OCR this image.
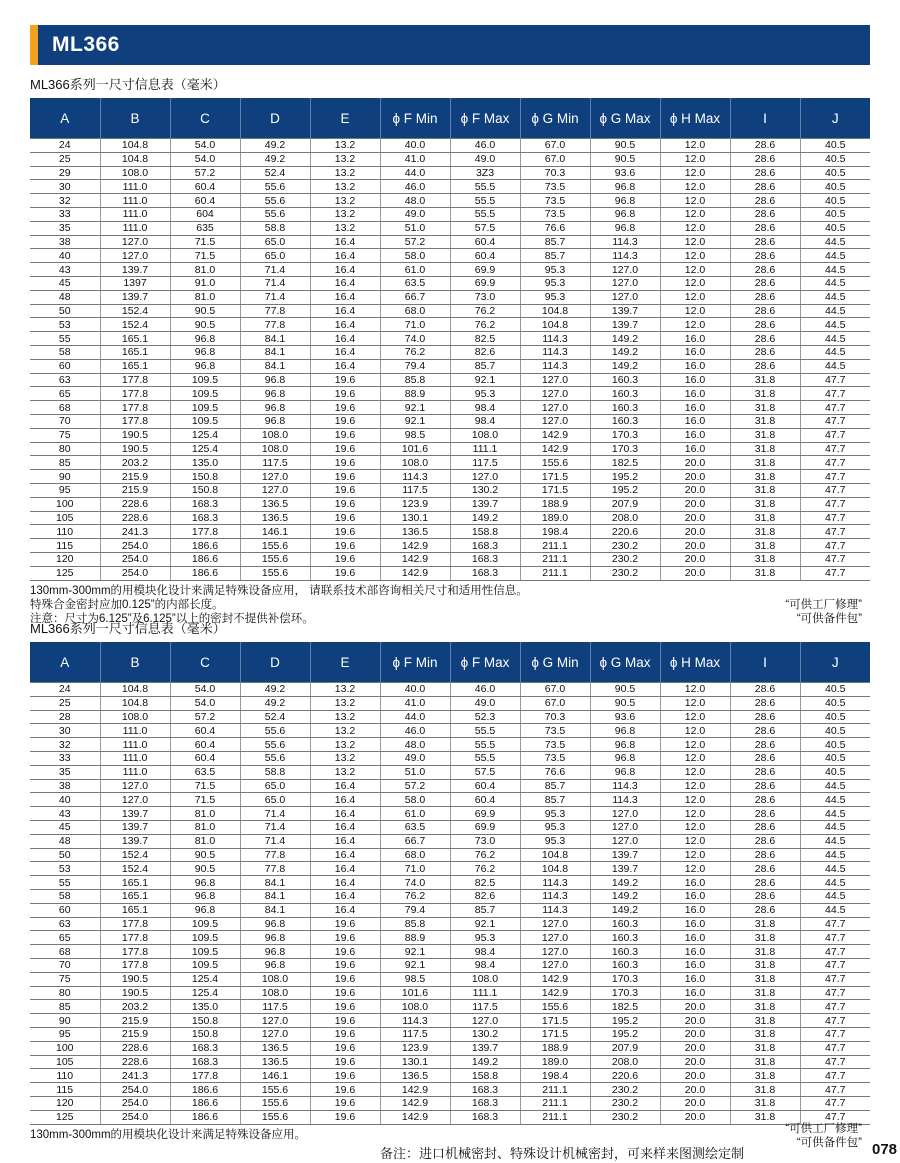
ML366
ML366系列一尺寸信息表（毫米）
A	B	C	D	E	ϕ F Min	ϕ F Max	ϕ G Min	ϕ G Max	ϕ H Max	I	J
24	104.8	54.0	49.2	13.2	40.0	46.0	67.0	90.5	12.0	28.6	40.5
25	104.8	54.0	49.2	13.2	41.0	49.0	67.0	90.5	12.0	28.6	40.5
29	108.0	57.2	52.4	13.2	44.0	3Z3	70.3	93.6	12.0	28.6	40.5
30	111.0	60.4	55.6	13.2	46.0	55.5	73.5	96.8	12.0	28.6	40.5
32	111.0	60.4	55.6	13.2	48.0	55.5	73.5	96.8	12.0	28.6	40.5
33	111.0	604	55.6	13.2	49.0	55.5	73.5	96.8	12.0	28.6	40.5
35	111.0	635	58.8	13.2	51.0	57.5	76.6	96.8	12.0	28.6	40.5
38	127.0	71.5	65.0	16.4	57.2	60.4	85.7	114.3	12.0	28.6	44.5
40	127.0	71.5	65.0	16.4	58.0	60.4	85.7	114.3	12.0	28.6	44.5
43	139.7	81.0	71.4	16.4	61.0	69.9	95.3	127.0	12.0	28.6	44.5
45	1397	91.0	71.4	16.4	63.5	69.9	95.3	127.0	12.0	28.6	44.5
48	139.7	81.0	71.4	16.4	66.7	73.0	95.3	127.0	12.0	28.6	44.5
50	152.4	90.5	77.8	16.4	68.0	76.2	104.8	139.7	12.0	28.6	44.5
53	152.4	90.5	77.8	16.4	71.0	76.2	104.8	139.7	12.0	28.6	44.5
55	165.1	96.8	84.1	16.4	74.0	82.5	114.3	149.2	16.0	28.6	44.5
58	165.1	96.8	84.1	16.4	76.2	82.6	114.3	149.2	16.0	28.6	44.5
60	165.1	96.8	84.1	16.4	79.4	85.7	114.3	149.2	16.0	28.6	44.5
63	177.8	109.5	96.8	19.6	85.8	92.1	127.0	160.3	16.0	31.8	47.7
65	177.8	109.5	96.8	19.6	88.9	95.3	127.0	160.3	16.0	31.8	47.7
68	177.8	109.5	96.8	19.6	92.1	98.4	127.0	160.3	16.0	31.8	47.7
70	177.8	109.5	96.8	19.6	92.1	98.4	127.0	160.3	16.0	31.8	47.7
75	190.5	125.4	108.0	19.6	98.5	108.0	142.9	170.3	16.0	31.8	47.7
80	190.5	125.4	108.0	19.6	101.6	111.1	142.9	170.3	16.0	31.8	47.7
85	203.2	135.0	117.5	19.6	108.0	117.5	155.6	182.5	20.0	31.8	47.7
90	215.9	150.8	127.0	19.6	114.3	127.0	171.5	195.2	20.0	31.8	47.7
95	215.9	150.8	127.0	19.6	117.5	130.2	171.5	195.2	20.0	31.8	47.7
100	228.6	168.3	136.5	19.6	123.9	139.7	188.9	207.9	20.0	31.8	47.7
105	228.6	168.3	136.5	19.6	130.1	149.2	189.0	208.0	20.0	31.8	47.7
110	241.3	177.8	146.1	19.6	136.5	158.8	198.4	220.6	20.0	31.8	47.7
115	254.0	186.6	155.6	19.6	142.9	168.3	211.1	230.2	20.0	31.8	47.7
120	254.0	186.6	155.6	19.6	142.9	168.3	211.1	230.2	20.0	31.8	47.7
125	254.0	186.6	155.6	19.6	142.9	168.3	211.1	230.2	20.0	31.8	47.7
130mm-300mm的用模块化设计来满足特殊设备应用， 请联系技术部咨询相关尺寸和适用性信息。
特殊合金密封应加0.125”的内部长度。
注意：尺寸为6.125”及6.125”以上的密封不提供补偿环。
“可供工厂修理”
“可供备件包”
ML366系列一尺寸信息表（毫米）
A	B	C	D	E	ϕ F Min	ϕ F Max	ϕ G Min	ϕ G Max	ϕ H Max	I	J
24	104.8	54.0	49.2	13.2	40.0	46.0	67.0	90.5	12.0	28.6	40.5
25	104.8	54.0	49.2	13.2	41.0	49.0	67.0	90.5	12.0	28.6	40.5
28	108.0	57.2	52.4	13.2	44.0	52.3	70.3	93.6	12.0	28.6	40.5
30	111.0	60.4	55.6	13.2	46.0	55.5	73.5	96.8	12.0	28.6	40.5
32	111.0	60.4	55.6	13.2	48.0	55.5	73.5	96.8	12.0	28.6	40.5
33	111.0	60.4	55.6	13.2	49.0	55.5	73.5	96.8	12.0	28.6	40.5
35	111.0	63.5	58.8	13.2	51.0	57.5	76.6	96.8	12.0	28.6	40.5
38	127.0	71.5	65.0	16.4	57.2	60.4	85.7	114.3	12.0	28.6	44.5
40	127.0	71.5	65.0	16.4	58.0	60.4	85.7	114.3	12.0	28.6	44.5
43	139.7	81.0	71.4	16.4	61.0	69.9	95.3	127.0	12.0	28.6	44.5
45	139.7	81.0	71.4	16.4	63.5	69.9	95.3	127.0	12.0	28.6	44.5
48	139.7	81.0	71.4	16.4	66.7	73.0	95.3	127.0	12.0	28.6	44.5
50	152.4	90.5	77.8	16.4	68.0	76.2	104.8	139.7	12.0	28.6	44.5
53	152.4	90.5	77.8	16.4	71.0	76.2	104.8	139.7	12.0	28.6	44.5
55	165.1	96.8	84.1	16.4	74.0	82.5	114.3	149.2	16.0	28.6	44.5
58	165.1	96.8	84.1	16.4	76.2	82.6	114.3	149.2	16.0	28.6	44.5
60	165.1	96.8	84.1	16.4	79.4	85.7	114.3	149.2	16.0	28.6	44.5
63	177.8	109.5	96.8	19.6	85.8	92.1	127.0	160.3	16.0	31.8	47.7
65	177.8	109.5	96.8	19.6	88.9	95.3	127.0	160.3	16.0	31.8	47.7
68	177.8	109.5	96.8	19.6	92.1	98.4	127.0	160.3	16.0	31.8	47.7
70	177.8	109.5	96.8	19.6	92.1	98.4	127.0	160.3	16.0	31.8	47.7
75	190.5	125.4	108.0	19.6	98.5	108.0	142.9	170.3	16.0	31.8	47.7
80	190.5	125.4	108.0	19.6	101.6	111.1	142.9	170.3	16.0	31.8	47.7
85	203.2	135.0	117.5	19.6	108.0	117.5	155.6	182.5	20.0	31.8	47.7
90	215.9	150.8	127.0	19.6	114.3	127.0	171.5	195.2	20.0	31.8	47.7
95	215.9	150.8	127.0	19.6	117.5	130.2	171.5	195.2	20.0	31.8	47.7
100	228.6	168.3	136.5	19.6	123.9	139.7	188.9	207.9	20.0	31.8	47.7
105	228.6	168.3	136.5	19.6	130.1	149.2	189.0	208.0	20.0	31.8	47.7
110	241.3	177.8	146.1	19.6	136.5	158.8	198.4	220.6	20.0	31.8	47.7
115	254.0	186.6	155.6	19.6	142.9	168.3	211.1	230.2	20.0	31.8	47.7
120	254.0	186.6	155.6	19.6	142.9	168.3	211.1	230.2	20.0	31.8	47.7
125	254.0	186.6	155.6	19.6	142.9	168.3	211.1	230.2	20.0	31.8	47.7
130mm-300mm的用模块化设计来满足特殊设备应用。	“可供工厂修理”
“可供备件包”
备注：进口机械密封、特殊设计机械密封，可来样来图测绘定制	078
